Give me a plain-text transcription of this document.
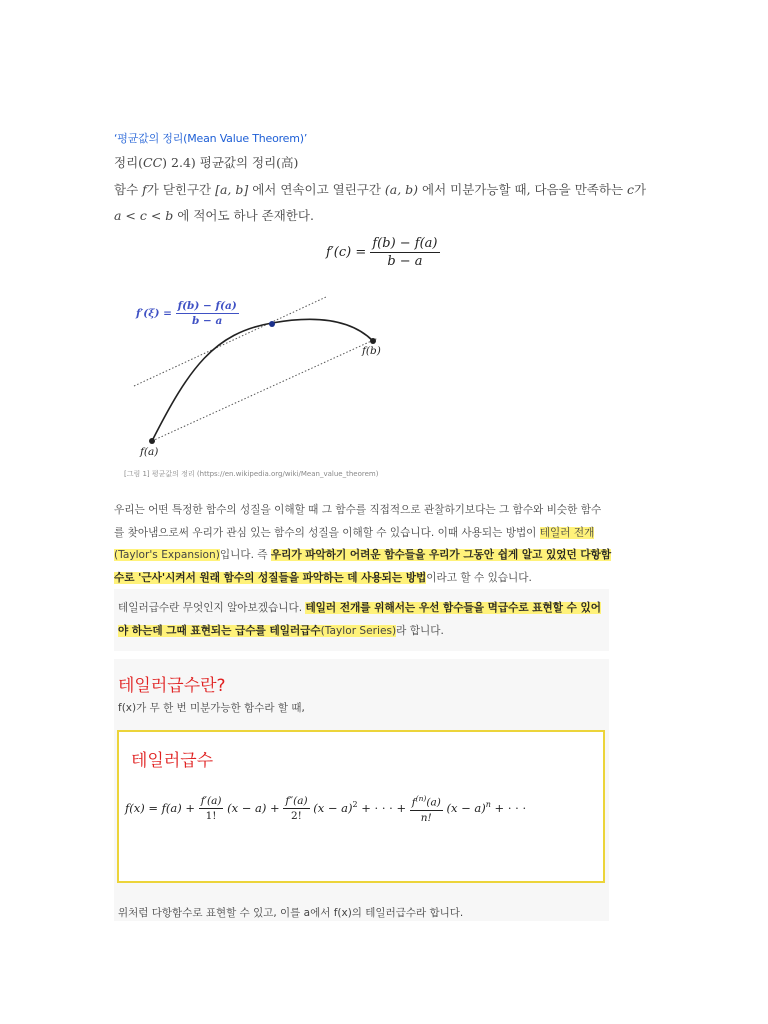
‘평균값의 정리(Mean Value Theorem)’
정리(CC) 2.4) 평균값의 정리(高)
함수 f가 닫힌구간 [a, b] 에서 연속이고 열린구간 (a, b) 에서 미분가능할 때, 다음을 만족하는 c가
a < c < b 에 적어도 하나 존재한다.
$f'(c) = \frac{f(b) - f(a)}{b - a}$
$f'(\xi) = \frac{f(b) - f(a)}{b - a}$
f(b)
f(a)
[그림 1] 평균값의 정리 (https://en.wikipedia.org/wiki/Mean_value_theorem)
우리는 어떤 특정한 함수의 성질을 이해할 때 그 함수를 직접적으로 관찰하기보다는 그 함수와 비슷한 함수
를 찾아냄으로써 우리가 관심 있는 함수의 성질을 이해할 수 있습니다. 이때 사용되는 방법이 테일러 전개
(Taylor's Expansion)입니다. 즉 우리가 파악하기 어려운 함수들을 우리가 그동안 쉽게 알고 있었던 다항함
수로 '근사'시켜서 원래 함수의 성질들을 파악하는 데 사용되는 방법이라고 할 수 있습니다.
테일러급수란 무엇인지 알아보겠습니다. 테일러 전개를 위해서는 우선 함수들을 멱급수로 표현할 수 있어
야 하는데 그때 표현되는 급수를 테일러급수(Taylor Series)라 합니다.
테일러급수란?
f(x)가 무 한 번 미분가능한 함수라 할 때,
위처럼 다항함수로 표현할 수 있고, 이를 a에서 f(x)의 테일러급수라 합니다.
테일러급수
$f(x) = f(a) + \frac{f'(a)}{1!} (x - a) + \frac{f''(a)}{2!} (x - a)^2$ + · · · + $\frac{f^{(n)}(a)}{n!} (x - a)^n$ + · · ·
